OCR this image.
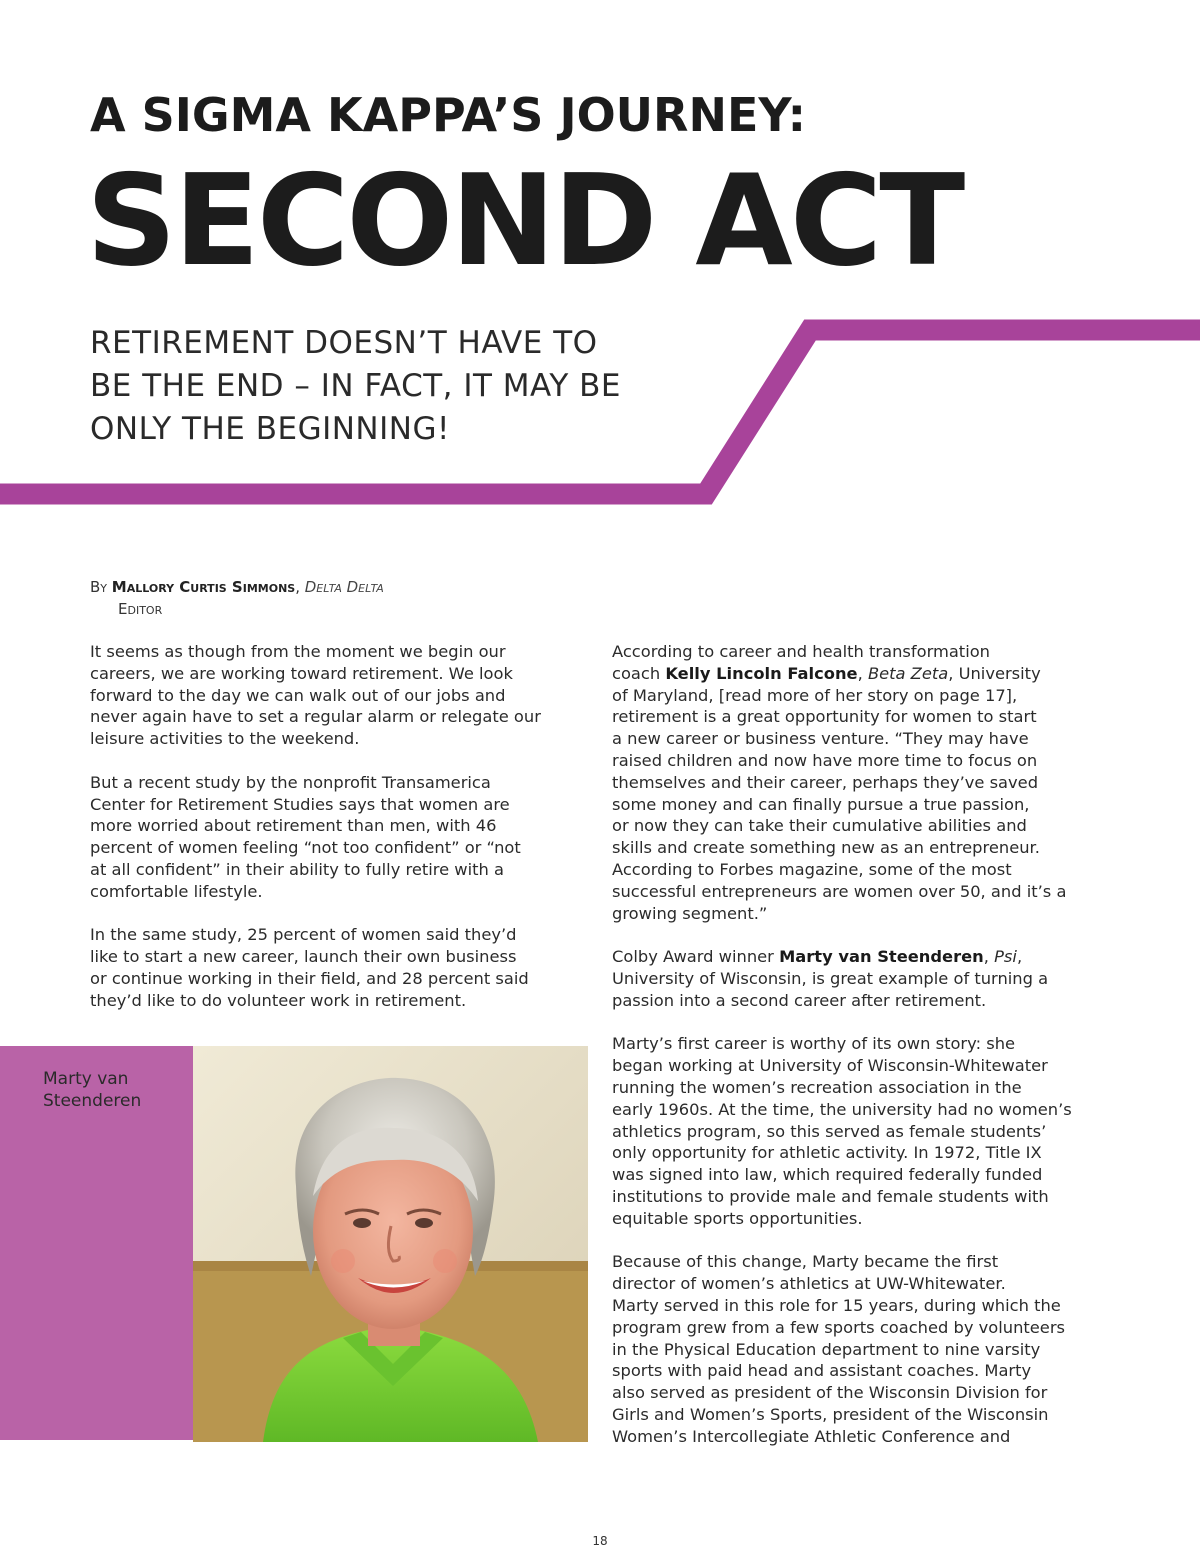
A SIGMA KAPPA’S JOURNEY:
SECOND ACT
RETIREMENT DOESN’T HAVE TO
BE THE END – IN FACT, IT MAY BE
ONLY THE BEGINNING!
By Mallory Curtis Simmons, Delta Delta
Editor

It seems as though from the moment we begin our
careers, we are working toward retirement. We look
forward to the day we can walk out of our jobs and
never again have to set a regular alarm or relegate our
leisure activities to the weekend.

But a recent study by the nonprofit Transamerica
Center for Retirement Studies says that women are
more worried about retirement than men, with 46
percent of women feeling “not too confident” or “not
at all confident” in their ability to fully retire with a
comfortable lifestyle.

In the same study, 25 percent of women said they’d
like to start a new career, launch their own business
or continue working in their field, and 28 percent said
they’d like to do volunteer work in retirement.

According to career and health transformation
coach Kelly Lincoln Falcone, Beta Zeta, University
of Maryland, [read more of her story on page 17],
retirement is a great opportunity for women to start
a new career or business venture. “They may have
raised children and now have more time to focus on
themselves and their career, perhaps they’ve saved
some money and can finally pursue a true passion,
or now they can take their cumulative abilities and
skills and create something new as an entrepreneur.
According to Forbes magazine, some of the most
successful entrepreneurs are women over 50, and it’s a
growing segment.”

Colby Award winner Marty van Steenderen, Psi,
University of Wisconsin, is great example of turning a
passion into a second career after retirement.

Marty’s first career is worthy of its own story: she
began working at University of Wisconsin-Whitewater
running the women’s recreation association in the
early 1960s. At the time, the university had no women’s
athletics program, so this served as female students’
only opportunity for athletic activity. In 1972, Title IX
was signed into law, which required federally funded
institutions to provide male and female students with
equitable sports opportunities.

Because of this change, Marty became the first
director of women’s athletics at UW-Whitewater.
Marty served in this role for 15 years, during which the
program grew from a few sports coached by volunteers
in the Physical Education department to nine varsity
sports with paid head and assistant coaches. Marty
also served as president of the Wisconsin Division for
Girls and Women’s Sports, president of the Wisconsin
Women’s Intercollegiate Athletic Conference and

Marty van
Steenderen
18
